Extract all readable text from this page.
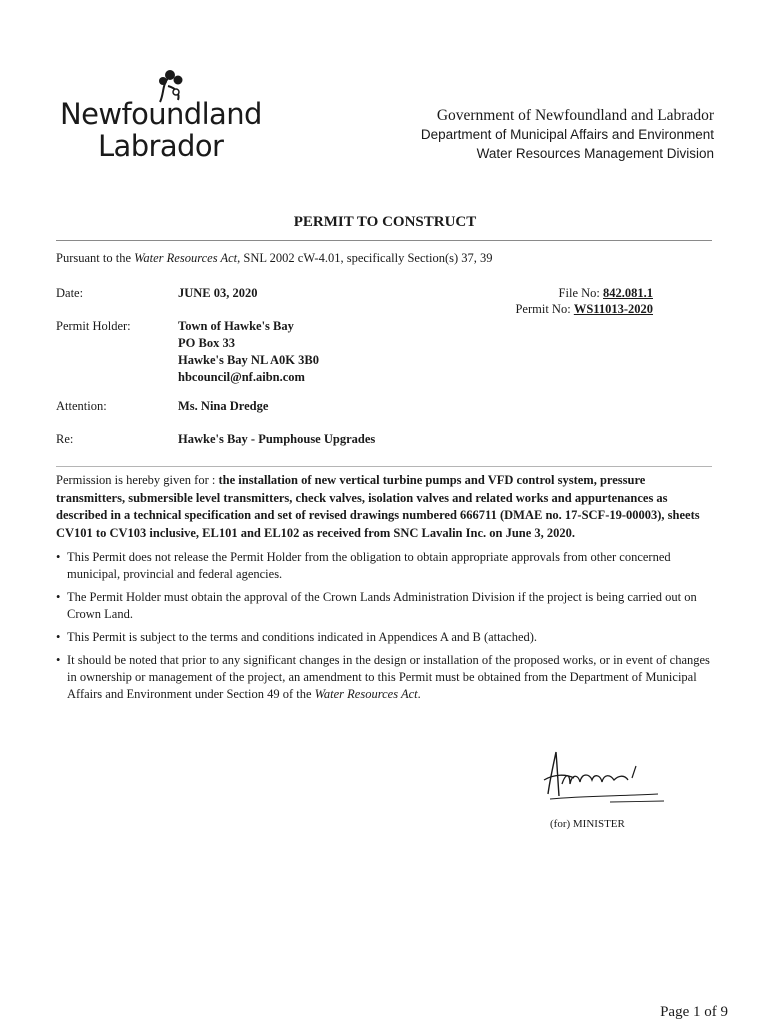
Newfoundland
Labrador
Government of Newfoundland and Labrador
Department of Municipal Affairs and Environment
Water Resources Management Division
PERMIT TO CONSTRUCT
Pursuant to the Water Resources Act, SNL 2002 cW-4.01, specifically Section(s) 37, 39
Date:	JUNE 03, 2020	File No: 842.081.1
Permit No: WS11013-2020
Permit Holder:	Town of Hawke's Bay
PO Box 33
Hawke's Bay NL A0K 3B0
hbcouncil@nf.aibn.com
Attention:	Ms. Nina Dredge
Re:	Hawke's Bay - Pumphouse Upgrades
Permission is hereby given for : the installation of new vertical turbine pumps and VFD control system, pressure transmitters, submersible level transmitters, check valves, isolation valves and related works and appurtenances as described in a technical specification and set of revised drawings numbered 666711 (DMAE no. 17-SCF-19-00003), sheets CV101 to CV103 inclusive, EL101 and EL102 as received from SNC Lavalin Inc. on June 3, 2020.
• This Permit does not release the Permit Holder from the obligation to obtain appropriate approvals from other concerned municipal, provincial and federal agencies.
• The Permit Holder must obtain the approval of the Crown Lands Administration Division if the project is being carried out on Crown Land.
• This Permit is subject to the terms and conditions indicated in Appendices A and B (attached).
• It should be noted that prior to any significant changes in the design or installation of the proposed works, or in event of changes in ownership or management of the project, an amendment to this Permit must be obtained from the Department of Municipal Affairs and Environment under Section 49 of the Water Resources Act.
(for) MINISTER
Page 1 of 9
